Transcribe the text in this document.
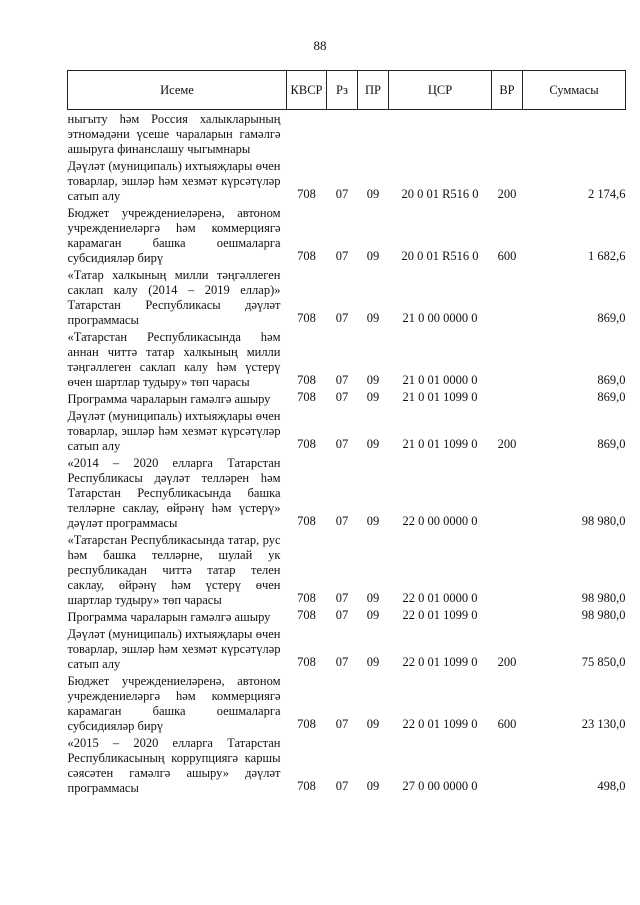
88
Исеме	КВСР	Рз	ПР	ЦСР	ВР	Суммасы
ныгыту һәм Россия халыкларының этномәдәни үсеше чараларын гамәлгә ашыруга финанслашу чыгымнары						
Дәүләт (муниципаль) ихтыяҗлары өчен товарлар, эшләр һәм хезмәт күрсәтүләр сатып алу	708	07	09	20 0 01 R516 0	200	2 174,6
Бюджет учреждениеләренә, автоном учреждениеләргә һәм коммерциягә карамаган башка оешмаларга субсидияләр бирү	708	07	09	20 0 01 R516 0	600	1 682,6
«Татар халкының милли тәңгәллеген саклап калу (2014 – 2019 еллар)» Татарстан Республикасы дәүләт программасы	708	07	09	21 0 00 0000 0		869,0
«Татарстан Республикасында һәм аннан читтә татар халкының милли тәңгәллеген саклап калу һәм үстерү өчен шартлар тудыру» төп чарасы	708	07	09	21 0 01 0000 0		869,0
Программа чараларын гамәлгә ашыру	708	07	09	21 0 01 1099 0		869,0
Дәүләт (муниципаль) ихтыяҗлары өчен товарлар, эшләр һәм хезмәт күрсәтүләр сатып алу	708	07	09	21 0 01 1099 0	200	869,0
«2014 – 2020 елларга Татарстан Республикасы дәүләт телләрен һәм Татарстан Республикасында башка телләрне саклау, өйрәнү һәм үстерү» дәүләт программасы	708	07	09	22 0 00 0000 0		98 980,0
«Татарстан Республикасында татар, рус һәм башка телләрне, шулай ук республикадан читтә татар телен саклау, өйрәнү һәм үстерү өчен шартлар тудыру» төп чарасы	708	07	09	22 0 01 0000 0		98 980,0
Программа чараларын гамәлгә ашыру	708	07	09	22 0 01 1099 0		98 980,0
Дәүләт (муниципаль) ихтыяҗлары өчен товарлар, эшләр һәм хезмәт күрсәтүләр сатып алу	708	07	09	22 0 01 1099 0	200	75 850,0
Бюджет учреждениеләренә, автоном учреждениеләргә һәм коммерциягә карамаган башка оешмаларга субсидияләр бирү	708	07	09	22 0 01 1099 0	600	23 130,0
«2015 – 2020 елларга Татарстан Республикасының коррупциягә каршы сәясәтен гамәлгә ашыру» дәүләт программасы	708	07	09	27 0 00 0000 0		498,0
